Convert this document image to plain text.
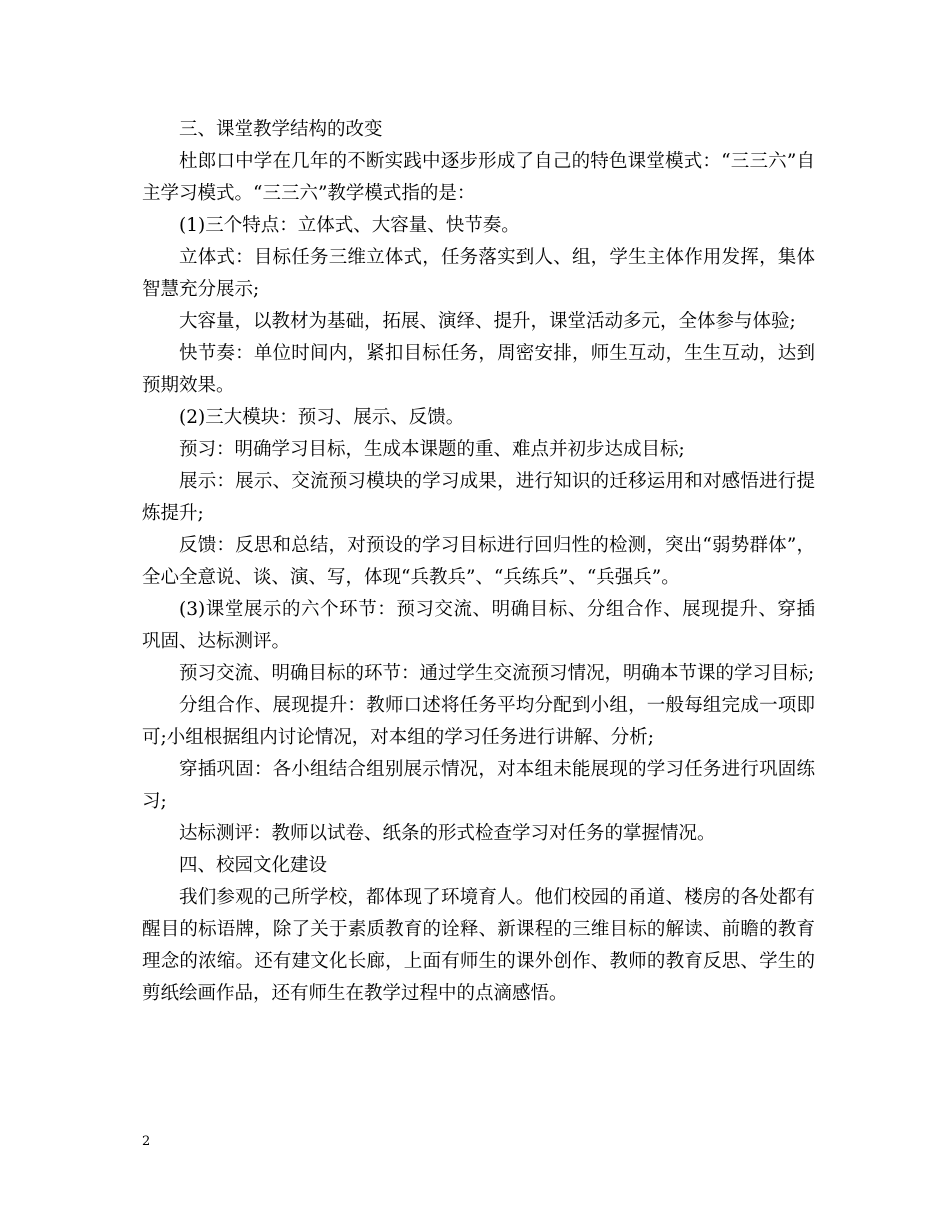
三、课堂教学结构的改变

杜郎口中学在几年的不断实践中逐步形成了自己的特色课堂模式：“三三六”自主学习模式。“三三六”教学模式指的是：

(1)三个特点：立体式、大容量、快节奏。

立体式：目标任务三维立体式，任务落实到人、组，学生主体作用发挥，集体智慧充分展示;

大容量，以教材为基础，拓展、演绎、提升，课堂活动多元，全体参与体验;

快节奏：单位时间内，紧扣目标任务，周密安排，师生互动，生生互动，达到预期效果。

(2)三大模块：预习、展示、反馈。

预习：明确学习目标，生成本课题的重、难点并初步达成目标;

展示：展示、交流预习模块的学习成果，进行知识的迁移运用和对感悟进行提炼提升;

反馈：反思和总结，对预设的学习目标进行回归性的检测，突出“弱势群体”，全心全意说、谈、演、写，体现“兵教兵”、“兵练兵”、“兵强兵”。

(3)课堂展示的六个环节：预习交流、明确目标、分组合作、展现提升、穿插巩固、达标测评。

预习交流、明确目标的环节：通过学生交流预习情况，明确本节课的学习目标;

分组合作、展现提升：教师口述将任务平均分配到小组，一般每组完成一项即可;小组根据组内讨论情况，对本组的学习任务进行讲解、分析;

穿插巩固：各小组结合组别展示情况，对本组未能展现的学习任务进行巩固练习;

达标测评：教师以试卷、纸条的形式检查学习对任务的掌握情况。

四、校园文化建设

我们参观的己所学校，都体现了环境育人。他们校园的甬道、楼房的各处都有醒目的标语牌，除了关于素质教育的诠释、新课程的三维目标的解读、前瞻的教育理念的浓缩。还有建文化长廊，上面有师生的课外创作、教师的教育反思、学生的剪纸绘画作品，还有师生在教学过程中的点滴感悟。

2
